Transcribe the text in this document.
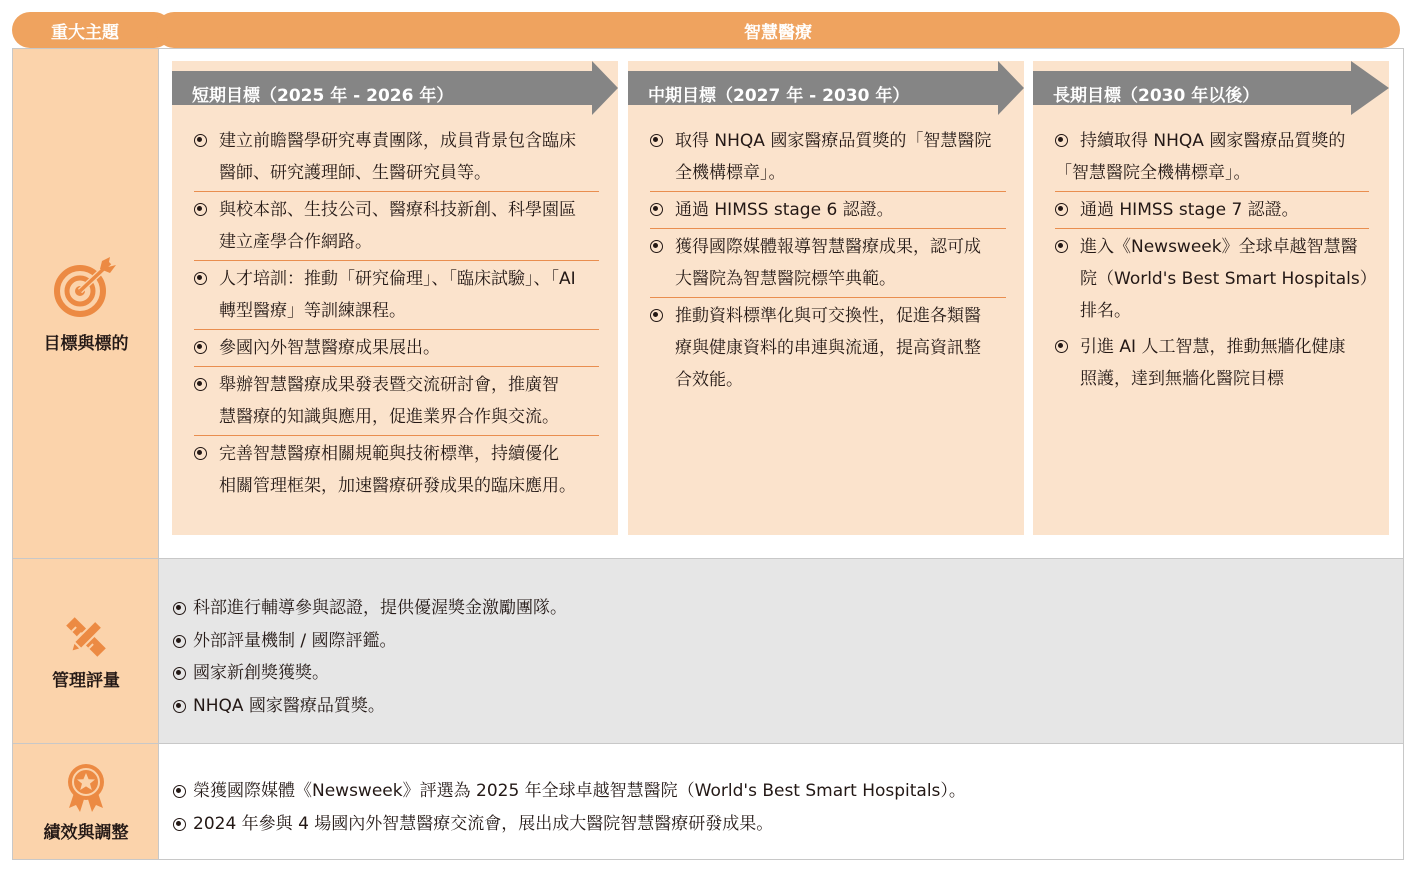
重大主題	智慧醫療
目標與標的
短期目標（2025 年 - 2026 年）
建立前瞻醫學研究專責團隊，成員背景包含臨床
醫師、研究護理師、生醫研究員等。
與校本部、生技公司、醫療科技新創、科學園區
建立產學合作網路。
人才培訓：推動「研究倫理」、「臨床試驗」、「AI
轉型醫療」等訓練課程。
參國內外智慧醫療成果展出。
舉辦智慧醫療成果發表暨交流研討會，推廣智
慧醫療的知識與應用，促進業界合作與交流。
完善智慧醫療相關規範與技術標準，持續優化
相關管理框架，加速醫療研發成果的臨床應用。
中期目標（2027 年 - 2030 年）
取得 NHQA 國家醫療品質獎的「智慧醫院
全機構標章」。
通過 HIMSS stage 6 認證。
獲得國際媒體報導智慧醫療成果，認可成
大醫院為智慧醫院標竿典範。
推動資料標準化與可交換性，促進各類醫
療與健康資料的串連與流通，提高資訊整
合效能。
長期目標（2030 年以後）
持續取得 NHQA 國家醫療品質獎的
「智慧醫院全機構標章」。
通過 HIMSS stage 7 認證。
進入《Newsweek》全球卓越智慧醫
院（World's Best Smart Hospitals）
排名。
引進 AI 人工智慧，推動無牆化健康
照護，達到無牆化醫院目標
管理評量
科部進行輔導參與認證，提供優渥獎金激勵團隊。
外部評量機制 / 國際評鑑。
國家新創獎獲獎。
NHQA 國家醫療品質獎。
績效與調整
榮獲國際媒體《Newsweek》評選為 2025 年全球卓越智慧醫院（World's Best Smart Hospitals）。
2024 年參與 4 場國內外智慧醫療交流會，展出成大醫院智慧醫療研發成果。
